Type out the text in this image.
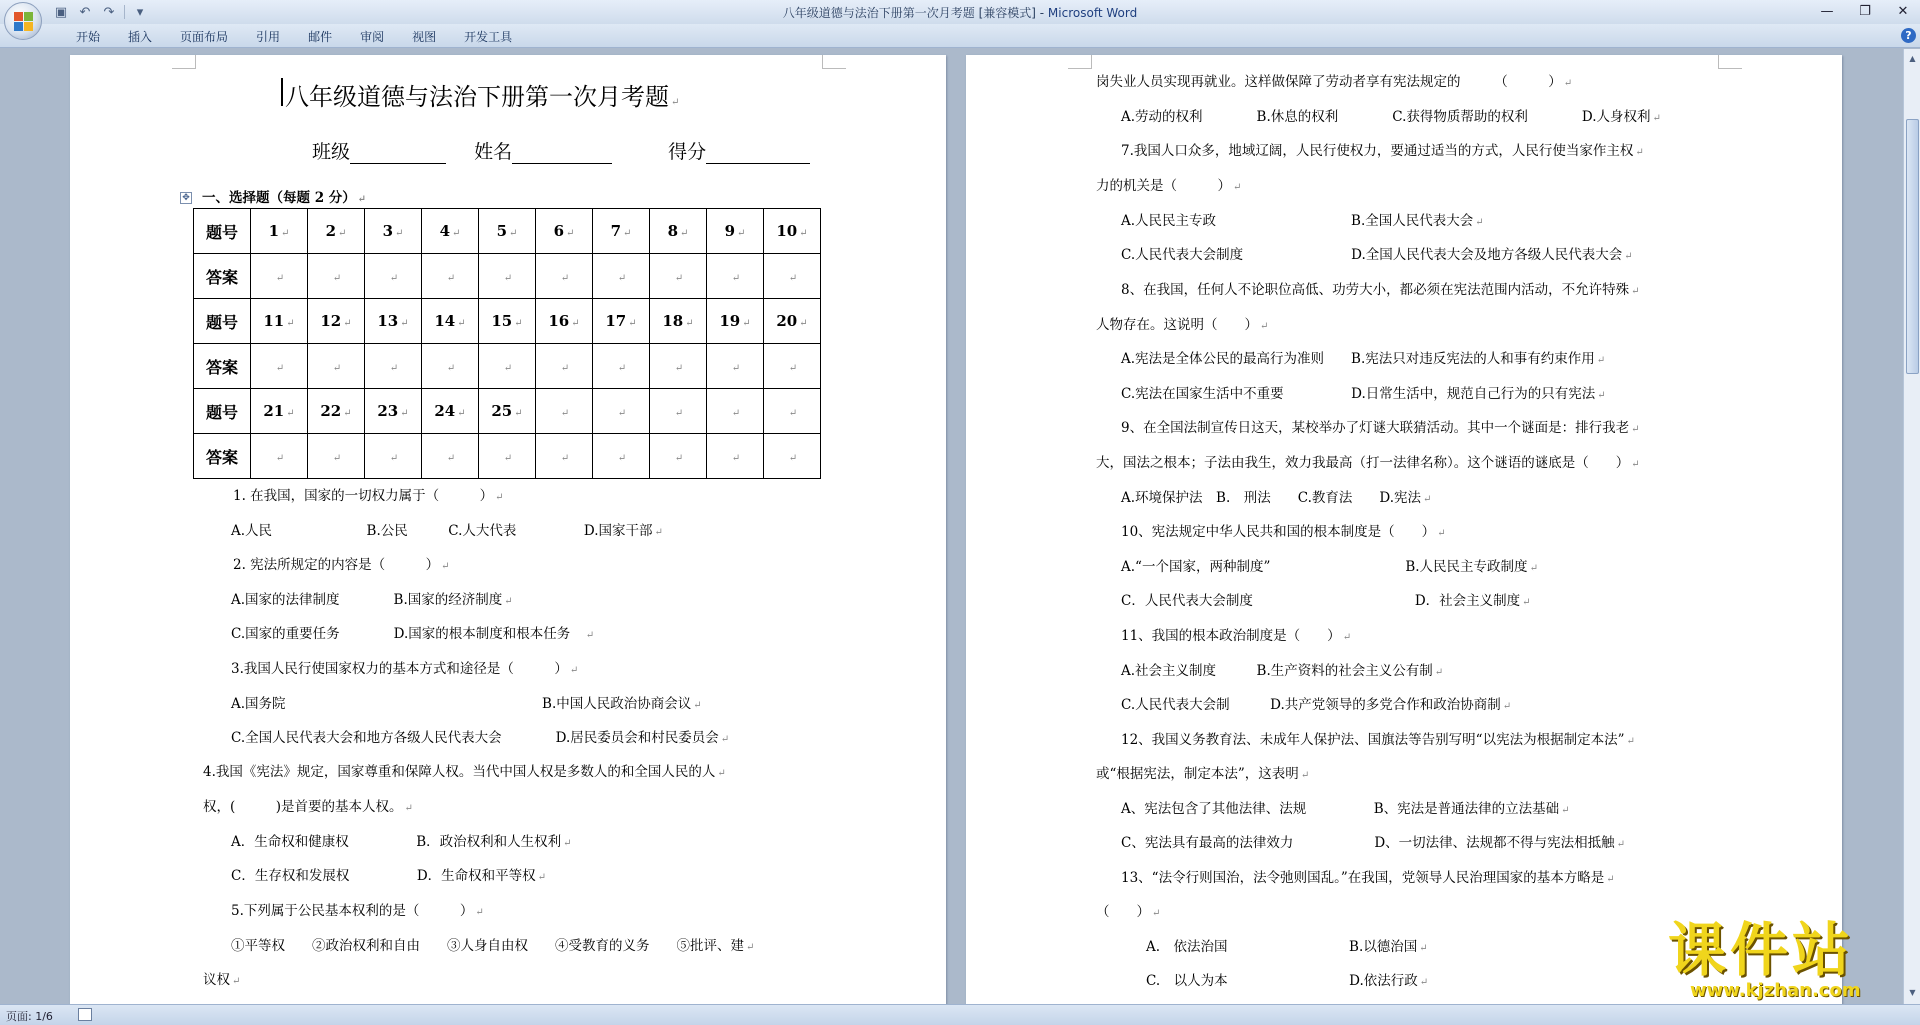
▣ ↶ ↷	▾	八年级道德与法治下册第一次月考题 [兼容模式] - Microsoft Word	—	❐	✕
开始	插入	页面布局	引用	邮件	审阅	视图	开发工具	?
八年级道德与法治下册第一次月考题 ↵
班级	姓名	得分
✥ 一、选择题（每题 2 分） ↵
题号	1 ↵	2 ↵	3 ↵	4 ↵	5 ↵	6 ↵	7 ↵	8 ↵	9 ↵	10 ↵
答案	↵	↵	↵	↵	↵	↵	↵	↵	↵	↵
题号	11 ↵	12 ↵	13 ↵	14 ↵	15 ↵	16 ↵	17 ↵	18 ↵	19 ↵	20 ↵
答案	↵	↵	↵	↵	↵	↵	↵	↵	↵	↵
题号	21 ↵	22 ↵	23 ↵	24 ↵	25 ↵	↵	↵	↵	↵	↵
答案	↵	↵	↵	↵	↵	↵	↵	↵	↵	↵
1. 在我国，国家的一切权力属于（　　　） ↵
A.人民　　　　　　　B.公民　　　C.人大代表　　　　　D.国家干部 ↵
2. 宪法所规定的内容是（　　　） ↵
A.国家的法律制度　　　　B.国家的经济制度 ↵
C.国家的重要任务　　　　D.国家的根本制度和根本任务　↵
3.我国人民行使国家权力的基本方式和途径是（　　　） ↵
A.国务院　　　　　　　　　　　　　　　　　　　B.中国人民政治协商会议 ↵
C.全国人民代表大会和地方各级人民代表大会　　　　D.居民委员会和村民委员会 ↵
4.我国《宪法》规定，国家尊重和保障人权。当代中国人权是多数人的和全国人民的人 ↵
权，(　　　)是首要的基本人权。 ↵
A．生命权和健康权　　　　　B．政治权利和人生权利 ↵
C．生存权和发展权　　　　　D．生命权和平等权 ↵
5.下列属于公民基本权利的是（　　　） ↵
①平等权　　②政治权利和自由　　③人身自由权　　④受教育的义务　　⑤批评、建 ↵
议权 ↵
岗失业人员实现再就业。这样做保障了劳动者享有宪法规定的　　　（　　　） ↵
A.劳动的权利　　　　B.休息的权利　　　　C.获得物质帮助的权利　　　　D.人身权利 ↵
7.我国人口众多，地域辽阔，人民行使权力，要通过适当的方式，人民行使当家作主权 ↵
力的机关是（　　　） ↵
A.人民民主专政　　　　　　　　　　B.全国人民代表大会 ↵
C.人民代表大会制度　　　　　　　　D.全国人民代表大会及地方各级人民代表大会 ↵
8、在我国，任何人不论职位高低、功劳大小，都必须在宪法范围内活动，不允许特殊 ↵
人物存在。这说明（　　） ↵
A.宪法是全体公民的最高行为准则　　B.宪法只对违反宪法的人和事有约束作用 ↵
C.宪法在国家生活中不重要　　　　　D.日常生活中，规范自己行为的只有宪法 ↵
9、在全国法制宣传日这天，某校举办了灯谜大联猜活动。其中一个谜面是：排行我老 ↵
大，国法之根本；子法由我生，效力我最高（打一法律名称）。这个谜语的谜底是（　　） ↵
A.环境保护法　B.　刑法　　C.教育法　　D.宪法 ↵
10、宪法规定中华人民共和国的根本制度是（　　） ↵
A.“一个国家，两种制度”　　　　　　　　　　B.人民民主专政制度 ↵
C．人民代表大会制度　　　　　　　　　　　　D．社会主义制度 ↵
11、我国的根本政治制度是（　　） ↵
A.社会主义制度　　　B.生产资料的社会主义公有制 ↵
C.人民代表大会制　　　D.共产党领导的多党合作和政治协商制 ↵
12、我国义务教育法、未成年人保护法、国旗法等告别写明“以宪法为根据制定本法” ↵
或“根据宪法，制定本法”，这表明 ↵
A、宪法包含了其他法律、法规　　　　　B、宪法是普通法律的立法基础 ↵
C、宪法具有最高的法律效力　　　　　　D、一切法律、法规都不得与宪法相抵触 ↵
13、“法令行则国治，法令弛则国乱。”在我国，党领导人民治理国家的基本方略是 ↵
（　　） ↵
A.　依法治国　　　　　　　　　B.以德治国 ↵
C.　以人为本　　　　　　　　　D.依法行政 ↵
▲
▼
页面: 1/6
课件站
www.kjzhan.com
